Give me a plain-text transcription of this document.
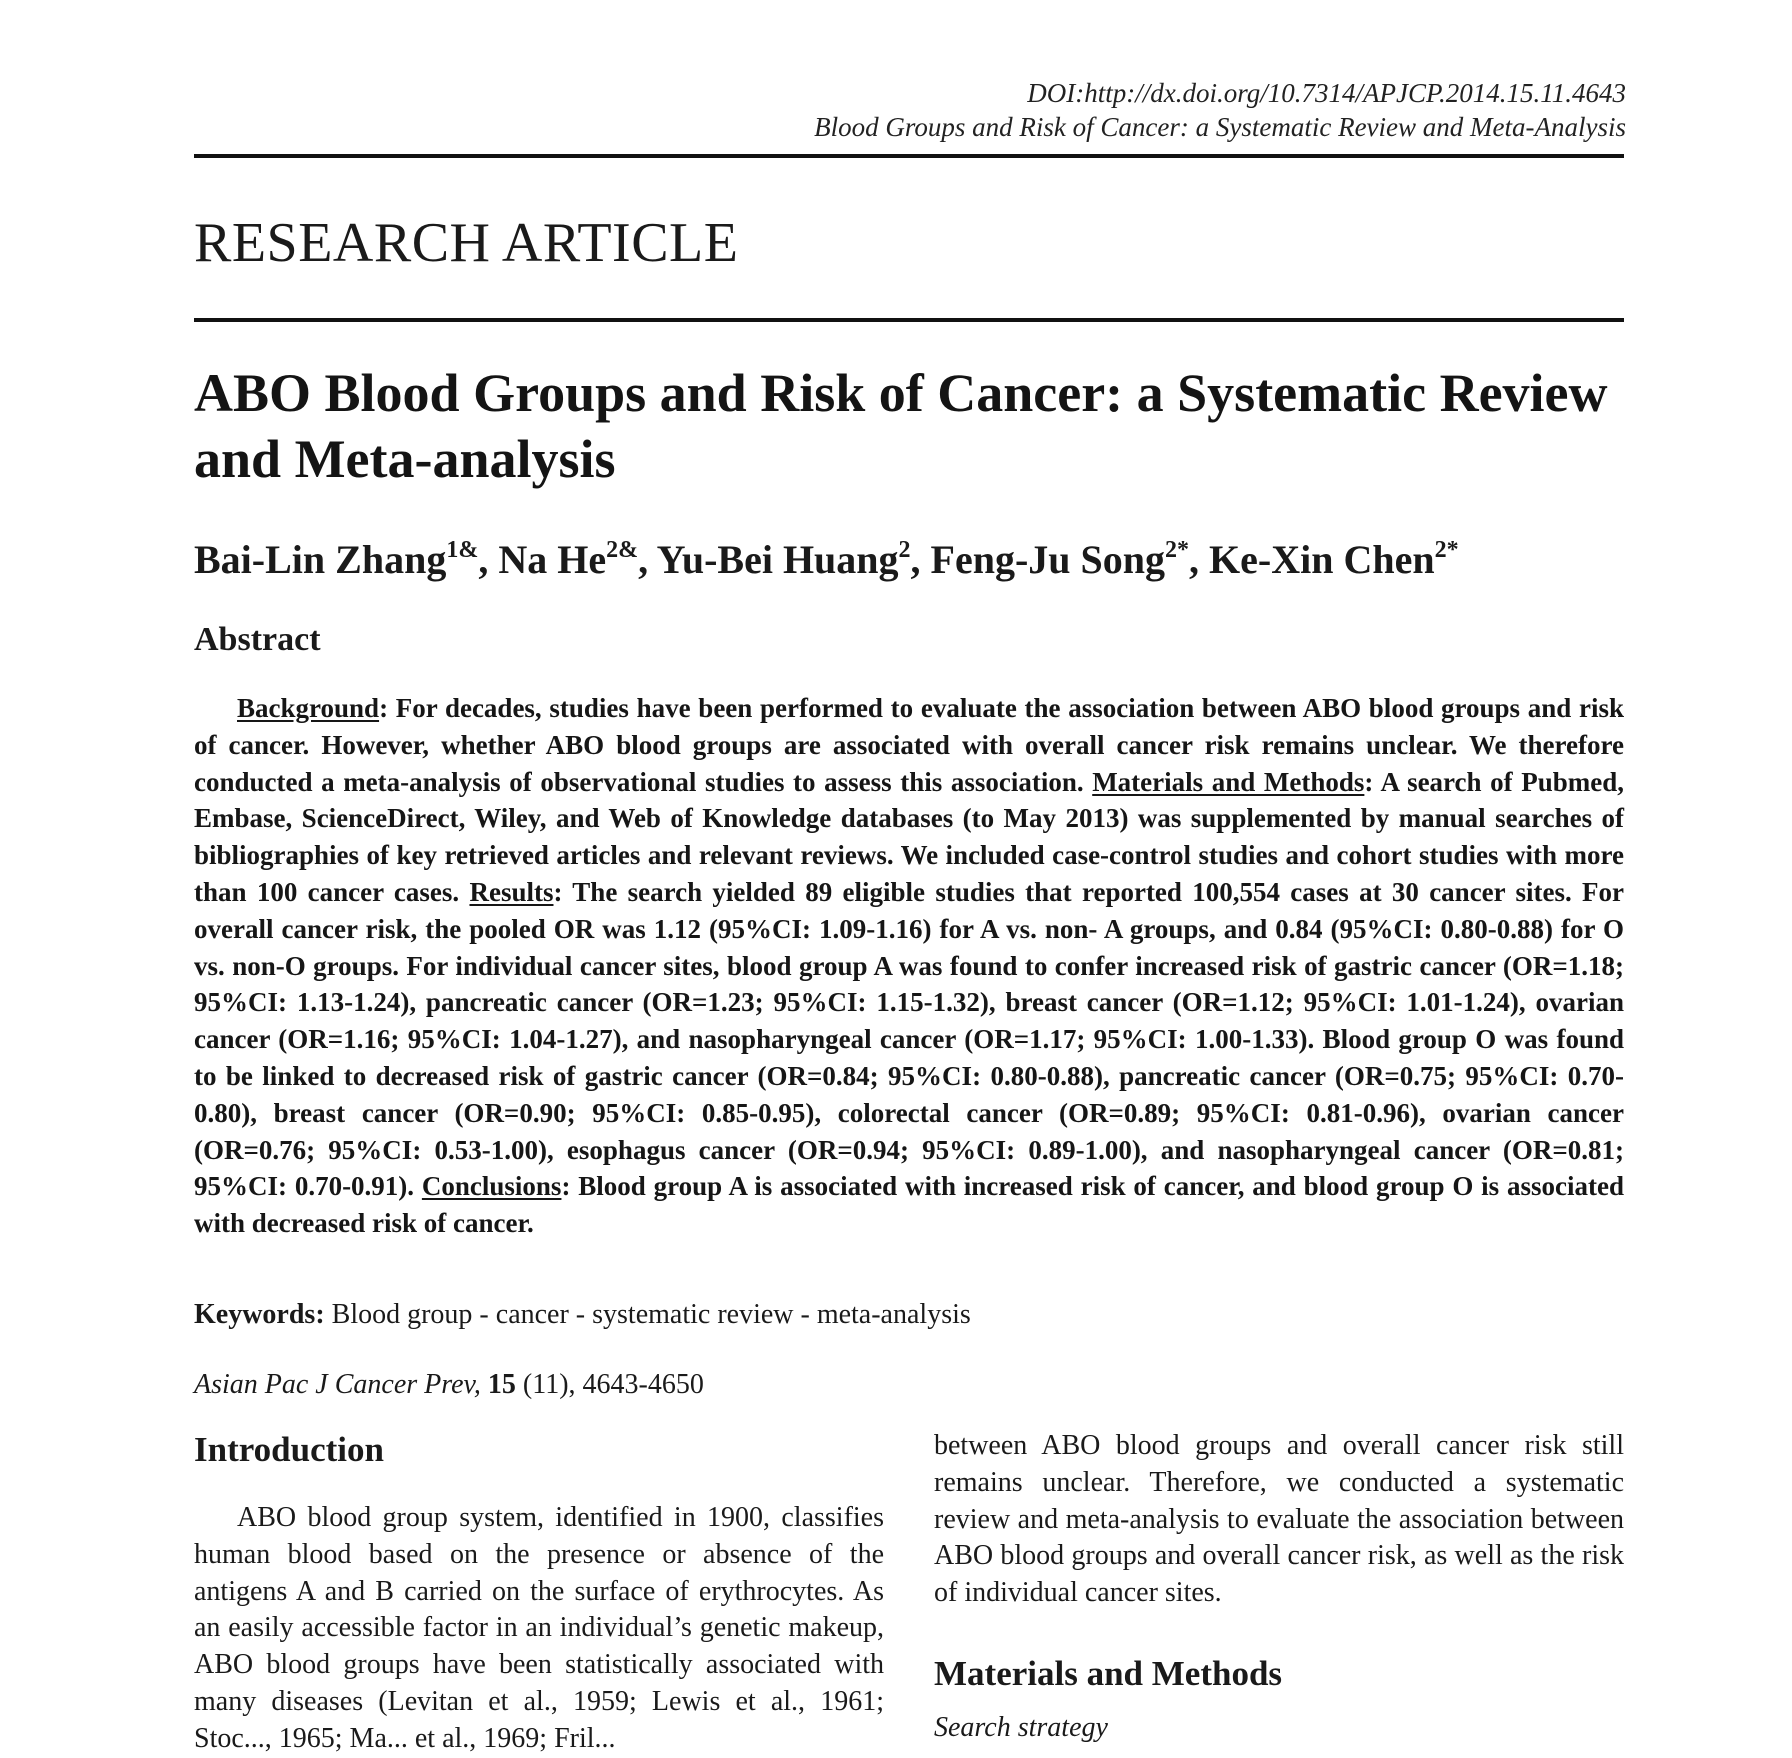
DOI:http://dx.doi.org/10.7314/APJCP.2014.15.11.4643
Blood Groups and Risk of Cancer: a Systematic Review and Meta-Analysis
RESEARCH ARTICLE
ABO Blood Groups and Risk of Cancer: a Systematic Review and Meta-analysis
Bai-Lin Zhang$^{1\&}$, Na $He^{2\&}$, Yu-Bei Huang$^2$, Feng-Ju Song$^{2*}$, Ke-Xin Chen$^{2*}$
Abstract
Background: For decades, studies have been performed to evaluate the association between ABO blood groups and risk of cancer. However, whether ABO blood groups are associated with overall cancer risk remains unclear. We therefore conducted a meta-analysis of observational studies to assess this association. Materials and Methods: A search of Pubmed, Embase, ScienceDirect, Wiley, and Web of Knowledge databases (to May 2013) was supplemented by manual searches of bibliographies of key retrieved articles and relevant reviews. We included case-control studies and cohort studies with more than 100 cancer cases. Results: The search yielded 89 eligible studies that reported 100,554 cases at 30 cancer sites. For overall cancer risk, the pooled OR was 1.12 (95%CI: 1.09-1.16) for A vs. non- A groups, and 0.84 (95%CI: 0.80-0.88) for O vs. non-O groups. For individual cancer sites, blood group A was found to confer increased risk of gastric cancer (OR=1.18; 95%CI: 1.13-1.24), pancreatic cancer (OR=1.23; 95%CI: 1.15-1.32), breast cancer (OR=1.12; 95%CI: 1.01-1.24), ovarian cancer (OR=1.16; 95%CI: 1.04-1.27), and nasopharyngeal cancer (OR=1.17; 95%CI: 1.00-1.33). Blood group O was found to be linked to decreased risk of gastric cancer (OR=0.84; 95%CI: 0.80-0.88), pancreatic cancer (OR=0.75; 95%CI: 0.70-0.80), breast cancer (OR=0.90; 95%CI: 0.85-0.95), colorectal cancer (OR=0.89; 95%CI: 0.81-0.96), ovarian cancer (OR=0.76; 95%CI: 0.53-1.00), esophagus cancer (OR=0.94; 95%CI: 0.89-1.00), and nasopharyngeal cancer (OR=0.81; 95%CI: 0.70-0.91). Conclusions: Blood group A is associated with increased risk of cancer, and blood group O is associated with decreased risk of cancer.
Keywords: Blood group - cancer - systematic review - meta-analysis
Asian Pac J Cancer Prev, 15 (11), 4643-4650
Introduction

ABO blood group system, identified in 1900, classifies human blood based on the presence or absence of the antigens A and B carried on the surface of erythrocytes. As an easily accessible factor in an individual’s genetic makeup, ABO blood groups have been statistically associated with many diseases (Levitan et al., 1959; Lewis et al., 1961; Stoc..., 1965; Ma... et al., 1969; Fril...

between ABO blood groups and overall cancer risk still remains unclear. Therefore, we conducted a systematic review and meta-analysis to evaluate the association between ABO blood groups and overall cancer risk, as well as the risk of individual cancer sites.

Materials and Methods
Search strategy
